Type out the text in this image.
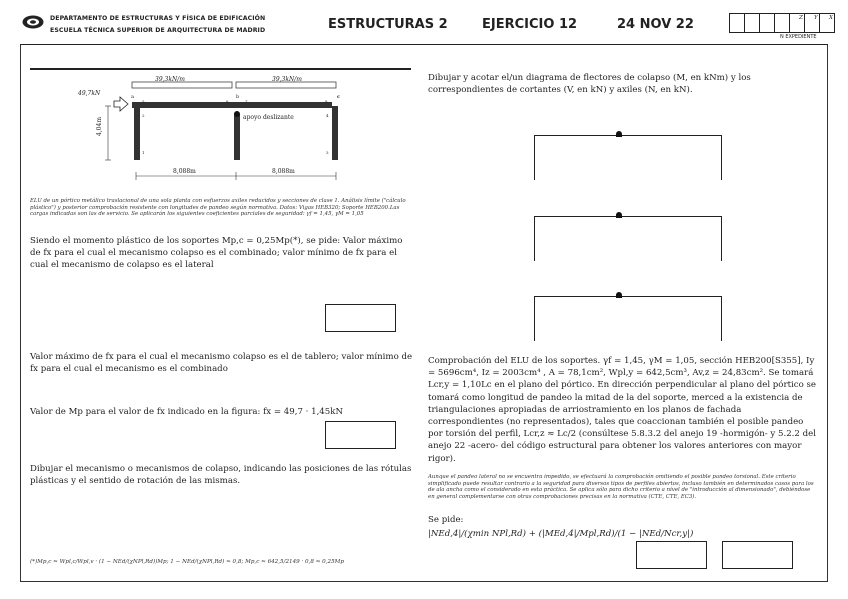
DEPARTAMENTO DE ESTRUCTURAS Y FÍSICA DE EDIFICACIÓN
ESCUELA TÉCNICA SUPERIOR DE ARQUITECTURA DE MADRID	ESTRUCTURAS 2	EJERCICIO 12	24 NOV 22	Z Y X
N EXPEDIENTE
39,3kN/m	39,3kN/m
49,7kN
4,04m
8,088m	8,088m
apoyo deslizante
a	b	c
5	6	7	8
2	4
1	3
ELU de un pórtico metálico traslacional de una sola planta con esfuerzos axiles reducidos y secciones de clase 1. Análisis límite ("cálculo plástico") y posterior comprobación resistente con longitudes de pandeo según normativa. Datos: Vigas HEB320; Soporte HEB200.Las cargas indicadas son las de servicio. Se aplicarán los siguientes coeficientes parciales de seguridad: γf = 1,45, γM = 1,05
Siendo el momento plástico de los soportes Mp,c = 0,25Mp(*), se pide: Valor máximo de fx para el cual el mecanismo colapso es el combinado; valor mínimo de fx para el cual el mecanismo de colapso es el lateral
Valor máximo de fx para el cual el mecanismo colapso es el de tablero; valor mínimo de fx para el cual el mecanismo es el combinado
Valor de Mp para el valor de fx indicado en la figura: fx = 49,7 · 1,45kN
Dibujar el mecanismo o mecanismos de colapso, indicando las posiciones de las rótulas plásticas y el sentido de rotación de las mismas.
(*)Mp,c ≈ Wpl,c/Wpl,v · (1 − NEd/(χNPl,Rd))Mp; 1 − NEd/(χNPl,Rd) ≈ 0,8; Mp,c ≈ 642,5/2149 · 0,8 ≈ 0,25Mp
Dibujar y acotar el/un diagrama de flectores de colapso (M, en kNm) y los correspondientes de cortantes (V, en kN) y axiles (N, en kN).
Comprobación del ELU de los soportes. γf = 1,45, γM = 1,05, sección HEB200[S355], Iy = 5696cm⁴, Iz = 2003cm⁴ , A = 78,1cm², Wpl,y = 642,5cm³, Av,z = 24,83cm². Se tomará Lcr,y = 1,10Lc en el plano del pórtico. En dirección perpendicular al plano del pórtico se tomará como longitud de pandeo la mitad de la del soporte, merced a la existencia de triangulaciones apropiadas de arriostramiento en los planos de fachada correspondientes (no representados), tales que coaccionan también el posible pandeo por torsión del perfil, Lcr,z ≈ Lc/2 (consúltese 5.8.3.2 del anejo 19 -hormigón- y 5.2.2 del anejo 22 -acero- del código estructural para obtener los valores anteriores con mayor rigor).
Aunque el pandeo lateral no se encuentra impedido, se efectuará la comprobación omitiendo el posible pandeo torsional. Este criterio simplificado puede resultar contrario a la seguridad para diversos tipos de perfiles abiertos, incluso también en determinados casos para los de ala ancha como el considerado en esta práctica. Se aplica sólo para dicho criterio a nivel de "introducción al dimensionado", debiéndose en general complementarse con otras comprobaciones precisas en la normativa (CTE, CTE, EC3).
Se pide:
|NEd,4|/(χmin NPl,Rd) + (|MEd,4|/Mpl,Rd)/(1 − |NEd/Ncr,y|)
